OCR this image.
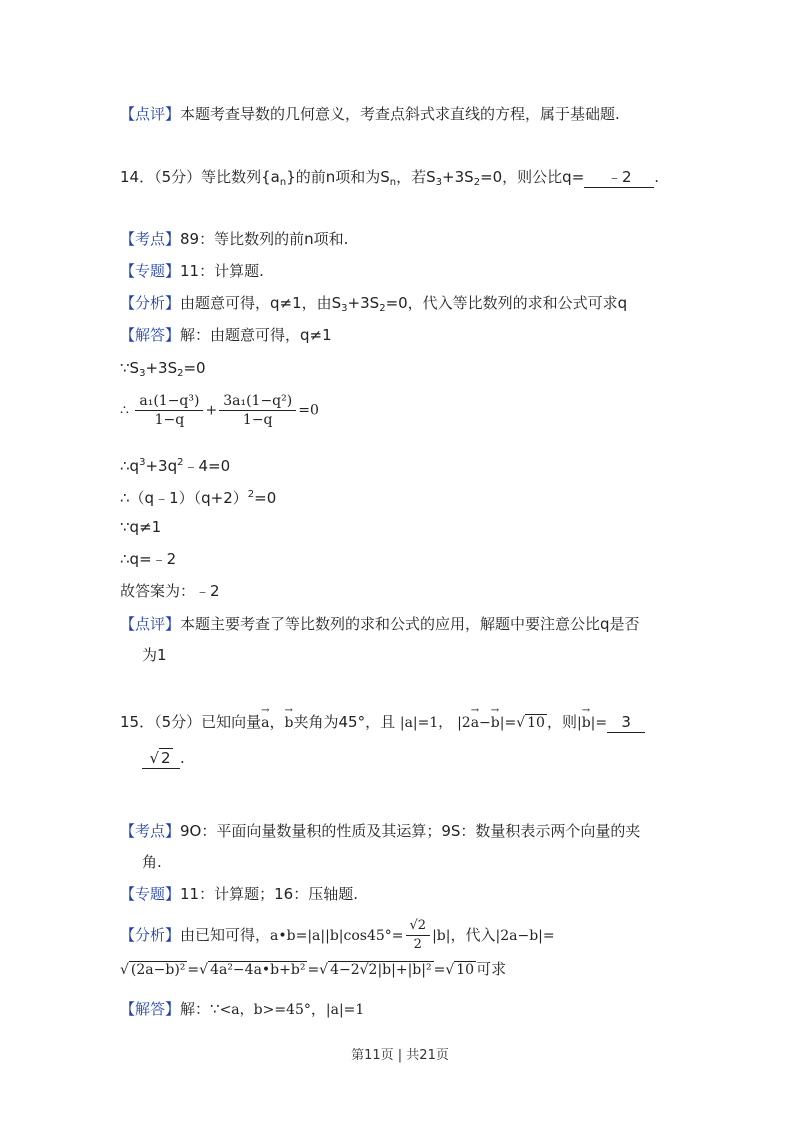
【点评】本题考查导数的几何意义，考查点斜式求直线的方程，属于基础题.
14．（5分）等比数列$\{a_n\}$的前n项和为$S_n$，若$S_3+3S_2=0$，则公比q= ﹣2 .
【考点】89：等比数列的前n项和.
【专题】11：计算题.
【分析】由题意可得，q≠1，由$S_3+3S_2=0$，代入等比数列的求和公式可求q
【解答】解：由题意可得，q≠1
$\because S_3+3S_2=0$
∴ $\frac{\text{a₁(1−q³)}}{1-q} + \frac{\text{3a₁(1−q²)}}{1-q} =0$
$\therefore q^3+3q^2﹣4=0$
$\therefore(q﹣1)(q+2)^2=0$
∵q≠1
∴q=﹣2
故答案为：﹣2
【点评】本题主要考查了等比数列的求和公式的应用，解题中要注意公比q是否
为1
15．（5分）已知向量→ a，→ b夹角为45°，且 |a|=1， |2→ a−→ b|=√ 10 ，则|→ b|= 3
√ 2 .
【考点】9O：平面向量数量积的性质及其运算；9S：数量积表示两个向量的夹
角.
【专题】11：计算题；16：压轴题.
【分析】由已知可得，a•b=|a||b|cos45°= $\frac{√2}{2} |b|$，代入|2a−b|=
√ (2a−b)² =√ 4a²−4a•b+b² =√ 4−2√2|b|+|b|² =√ 10 可求
【解答】解：∵<a，b>=45°，|a|=1
第11页 | 共21页
